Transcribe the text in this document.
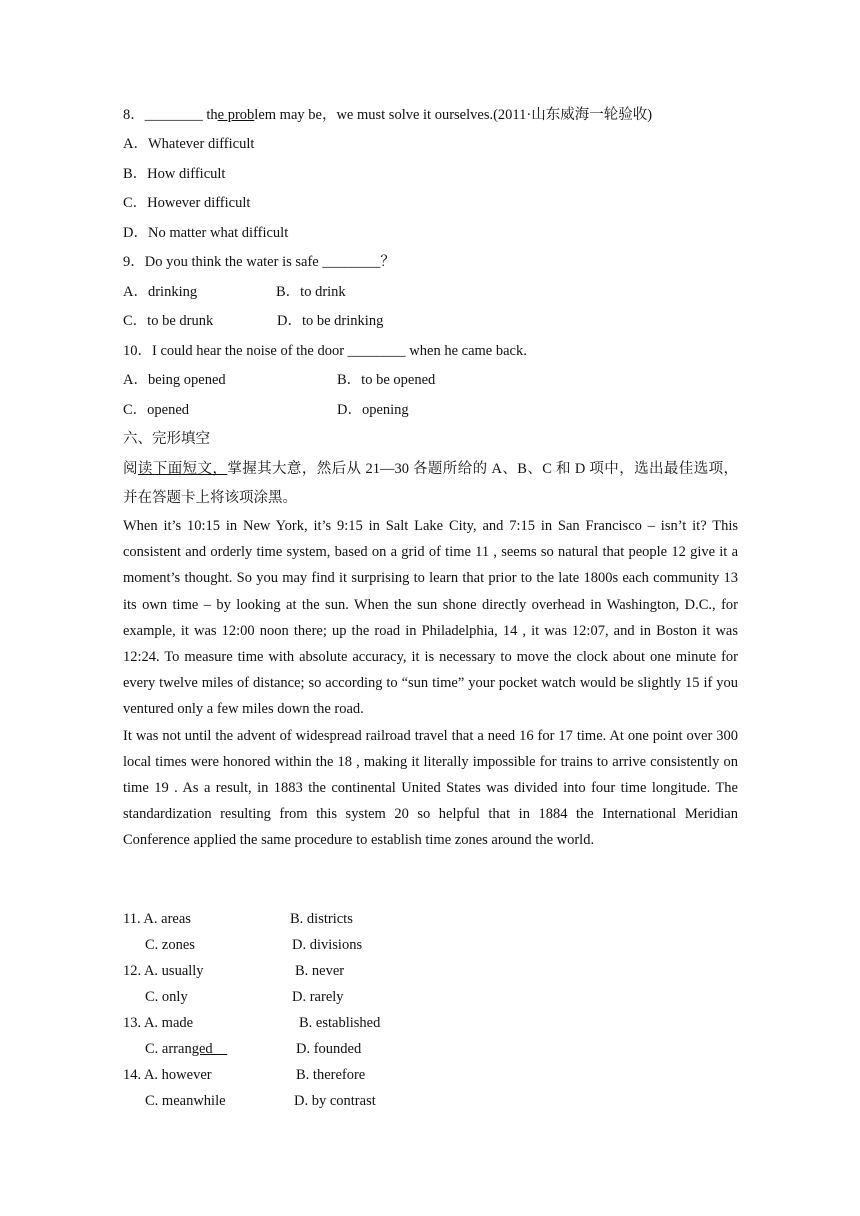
8．________ the problem may be，we must solve it ourselves.(2011·山东威海一轮验收)
A．Whatever difficult
B．How difficult
C．However difficult
D．No matter what difficult
9．Do you think the water is safe ________？
A．drinking	B．to drink
C．to be drunk	D．to be drinking
10．I could hear the noise of the door ________ when he came back.
A．being opened	B．to be opened
C．opened	D．opening
六、完形填空
阅读下面短文，掌握其大意，然后从 21—30 各题所给的 A、B、C 和 D 项中，选出最佳选项，
并在答题卡上将该项涂黑。

When it’s 10:15 in New York, it’s 9:15 in Salt Lake City, and 7:15 in San Francisco – isn’t it? This consistent and orderly time system, based on a grid of time 11 , seems so natural that people 12 give it a moment’s thought. So you may find it surprising to learn that prior to the late 1800s each community 13 its own time – by looking at the sun. When the sun shone directly overhead in Washington, D.C., for example, it was 12:00 noon there; up the road in Philadelphia, 14 , it was 12:07, and in Boston it was 12:24. To measure time with absolute accuracy, it is necessary to move the clock about one minute for every twelve miles of distance; so according to “sun time” your pocket watch would be slightly 15 if you ventured only a few miles down the road.

It was not until the advent of widespread railroad travel that a need 16 for 17 time. At one point over 300 local times were honored within the 18 , making it literally impossible for trains to arrive consistently on time 19 . As a result, in 1883 the continental United States was divided into four time longitude. The standardization resulting from this system 20 so helpful that in 1884 the International Meridian Conference applied the same procedure to establish time zones around the world.

11. A. areas	B. districts
C. zones	D. divisions
12. A. usually	B. never
C. only	D. rarely
13. A. made	B. established
C. arranged	D. founded
14. A. however	B. therefore
C. meanwhile	D. by contrast
